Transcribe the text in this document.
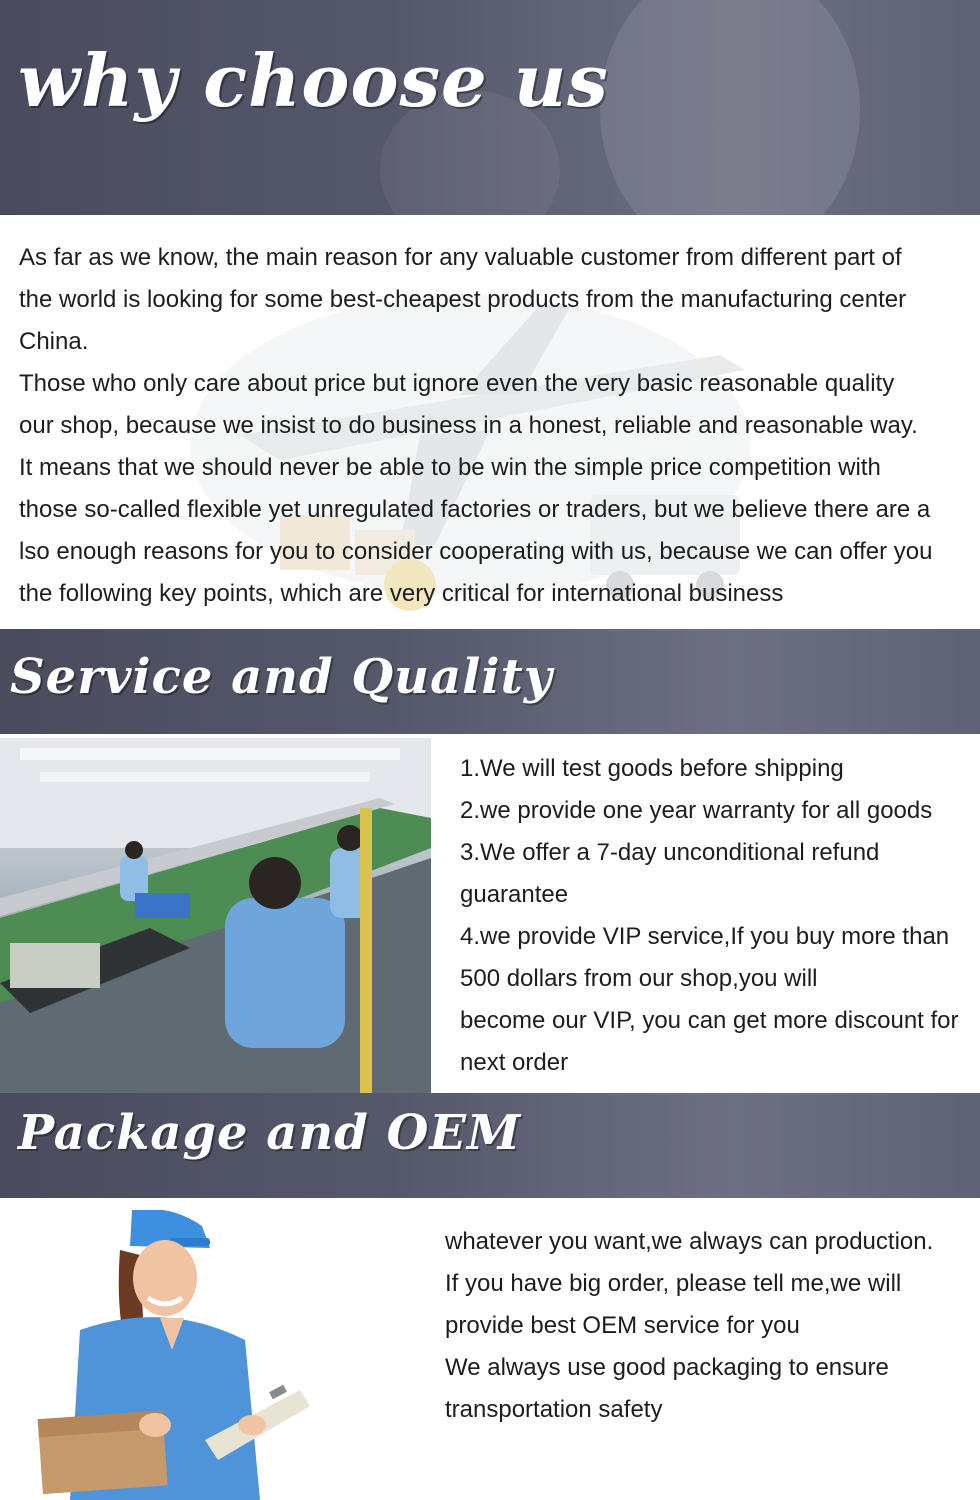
why choose us
As far as we know, the main reason for any valuable customer from different part of
the world is looking for some best-cheapest products from the manufacturing center
China.
Those who only care about price but ignore even the very basic reasonable quality
our shop, because we insist to do business in a honest, reliable and reasonable way.
It means that we should never be able to be win the simple price competition with
those so-called flexible yet unregulated factories or traders, but we believe there are a
lso enough reasons for you to consider cooperating with us, because we can offer you
the following key points, which are very critical for international business
Service and Quality
1.We will test goods before shipping
2.we provide one year warranty for all goods
3.We offer a 7-day unconditional refund
guarantee
4.we provide VIP service,If you buy more than
500 dollars from our shop,you will
become our VIP, you can get more discount for
next order
Package and OEM
whatever you want,we always can production.
If you have big order, please tell me,we will
provide best OEM service for you
We always use good packaging to ensure
transportation safety
